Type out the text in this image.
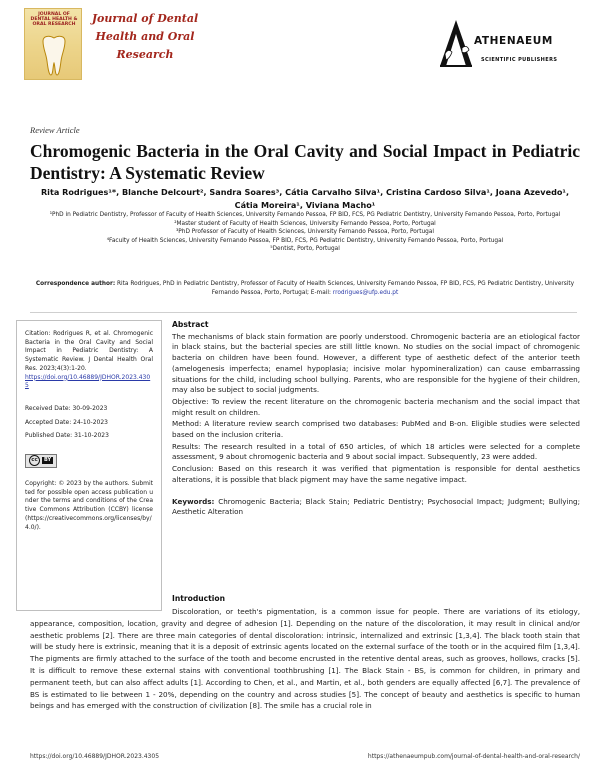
JOURNAL OF DENTAL HEALTH & ORAL RESEARCH	Journal of Dental Health and Oral Research
ATHENAEUM
SCIENTIFIC PUBLISHERS
Review Article
Chromogenic Bacteria in the Oral Cavity and Social Impact in Pediatric Dentistry: A Systematic Review
Rita Rodrigues¹*, Blanche Delcourt², Sandra Soares³, Cátia Carvalho Silva¹, Cristina Cardoso Silva¹, Joana Azevedo¹, Cátia Moreira¹, Viviana Macho¹
¹PhD in Pediatric Dentistry, Professor of Faculty of Health Sciences, University Fernando Pessoa, FP BID, FCS, PG Pediatric Dentistry, University Fernando Pessoa, Porto, Portugal
²Master student of Faculty of Health Sciences, University Fernando Pessoa, Porto, Portugal
³PhD Professor of Faculty of Health Sciences, University Fernando Pessoa, Porto, Portugal
⁴Faculty of Health Sciences, University Fernando Pessoa, FP BID, FCS, PG Pediatric Dentistry, University Fernando Pessoa, Porto, Portugal
⁵Dentist, Porto, Portugal
Correspondence author: Rita Rodrigues, PhD in Pediatric Dentistry, Professor of Faculty of Health Sciences, University Fernando Pessoa, FP BID, FCS, PG Pediatric Dentistry, University Fernando Pessoa, Porto, Portugal; E-mail: rrodrigues@ufp.edu.pt
Citation: Rodrigues R, et al. Chromogenic Bacteria in the Oral Cavity and Social Impact in Pediatric Dentistry: A Systematic Review. J Dental Health Oral Res. 2023;4(3):1-20.
https://doi.org/10.46889/JDHOR.2023.4305
Received Date: 30-09-2023
Accepted Date: 24-10-2023
Published Date: 31-10-2023
cc	BY
Copyright: © 2023 by the authors. Submitted for possible open access publication under the terms and conditions of the Creative Commons Attribution (CCBY) license (https://creativecommons.org/licenses/by/4.0/).
Abstract
The mechanisms of black stain formation are poorly understood. Chromogenic bacteria are an etiological factor in black stains, but the bacterial species are still little known. No studies on the social impact of chromogenic bacteria on children have been found. However, a different type of aesthetic defect of the anterior teeth (amelogenesis imperfecta; enamel hypoplasia; incisive molar hypomineralization) can cause embarrassing situations for the child, including school bullying. Parents, who are responsible for the hygiene of their children, may also be subject to social judgments.
Objective: To review the recent literature on the chromogenic bacteria mechanism and the social impact that might result on children.
Method: A literature review search comprised two databases: PubMed and B-on. Eligible studies were selected based on the inclusion criteria.
Results: The research resulted in a total of 650 articles, of which 18 articles were selected for a complete assessment, 9 about chromogenic bacteria and 9 about social impact. Subsequently, 23 were added.
Conclusion: Based on this research it was verified that pigmentation is responsible for dental aesthetics alterations, it is possible that black pigment may have the same negative impact.
Keywords: Chromogenic Bacteria; Black Stain; Pediatric Dentistry; Psychosocial Impact; Judgment; Bullying; Aesthetic Alteration
Introduction
Discoloration, or teeth's pigmentation, is a common issue for people. There are variations of its etiology, appearance, composition, location, gravity and degree of adhesion [1]. Depending on the nature of the discoloration, it may result in clinical and/or aesthetic problems [2]. There are three main categories of dental discoloration: intrinsic, internalized and extrinsic [1,3,4]. The black tooth stain that will be study here is extrinsic, meaning that it is a deposit of extrinsic agents located on the external surface of the tooth or in the acquired film [1,3,4]. The pigments are firmly attached to the surface of the tooth and become encrusted in the retentive dental areas, such as grooves, hollows, cracks [5]. It is difficult to remove these external stains with conventional toothbrushing [1]. The Black Stain - BS, is common for children, in primary and permanent teeth, but can also affect adults [1]. According to Chen, et al., and Martin, et al., both genders are equally affected [6,7]. The prevalence of BS is estimated to lie between 1 - 20%, depending on the country and across studies [5]. The concept of beauty and aesthetics is specific to human beings and has emerged with the construction of civilization [8]. The smile has a crucial role in
https://doi.org/10.46889/JDHOR.2023.4305	https://athenaeumpub.com/journal-of-dental-health-and-oral-research/
